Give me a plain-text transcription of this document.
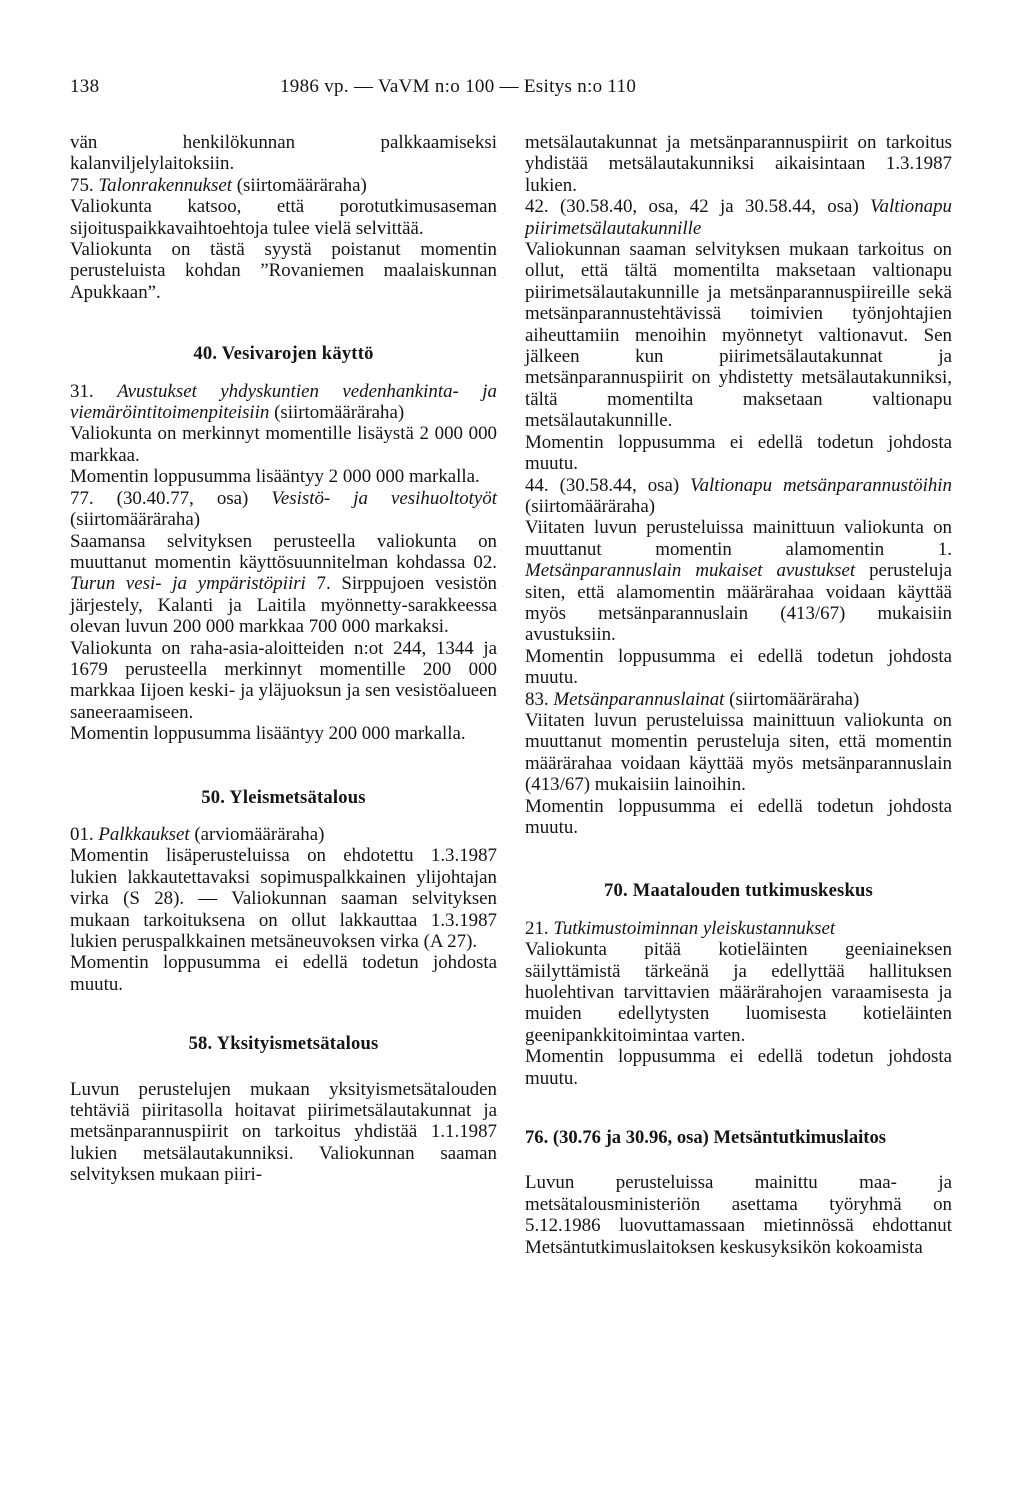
138	1986 vp. — VaVM n:o 100 — Esitys n:o 110

vän henkilökunnan palkkaamiseksi kalanviljelylaitoksiin.

75. Talonrakennukset (siirtomääräraha)

Valiokunta katsoo, että porotutkimusaseman sijoituspaikkavaihtoehtoja tulee vielä selvittää.

Valiokunta on tästä syystä poistanut momentin perusteluista kohdan ”Rovaniemen maalaiskunnan Apukkaan”.

40. Vesivarojen käyttö

31. Avustukset yhdyskuntien vedenhankinta- ja viemäröintitoimenpiteisiin (siirtomääräraha)

Valiokunta on merkinnyt momentille lisäystä 2 000 000 markkaa.

Momentin loppusumma lisääntyy 2 000 000 markalla.

77. (30.40.77, osa) Vesistö- ja vesihuoltotyöt (siirtomääräraha)

Saamansa selvityksen perusteella valiokunta on muuttanut momentin käyttösuunnitelman kohdassa 02. Turun vesi- ja ympäristöpiiri 7. Sirppujoen vesistön järjestely, Kalanti ja Laitila myönnetty-sarakkeessa olevan luvun 200 000 markkaa 700 000 markaksi.

Valiokunta on raha-asia-aloitteiden n:ot 244, 1344 ja 1679 perusteella merkinnyt momentille 200 000 markkaa Iijoen keski- ja yläjuoksun ja sen vesistöalueen saneeraamiseen.

Momentin loppusumma lisääntyy 200 000 markalla.

50. Yleismetsätalous

01. Palkkaukset (arviomääräraha)

Momentin lisäperusteluissa on ehdotettu 1.3.1987 lukien lakkautettavaksi sopimuspalkkainen ylijohtajan virka (S 28). — Valiokunnan saaman selvityksen mukaan tarkoituksena on ollut lakkauttaa 1.3.1987 lukien peruspalkkainen metsäneuvoksen virka (A 27).

Momentin loppusumma ei edellä todetun johdosta muutu.

58. Yksityismetsätalous

Luvun perustelujen mukaan yksityismetsätalouden tehtäviä piiritasolla hoitavat piirimetsälautakunnat ja metsänparannuspiirit on tarkoitus yhdistää 1.1.1987 lukien metsälautakunniksi. Valiokunnan saaman selvityksen mukaan piiri-

metsälautakunnat ja metsänparannuspiirit on tarkoitus yhdistää metsälautakunniksi aikaisintaan 1.3.1987 lukien.

42. (30.58.40, osa, 42 ja 30.58.44, osa) Valtionapu piirimetsälautakunnille

Valiokunnan saaman selvityksen mukaan tarkoitus on ollut, että tältä momentilta maksetaan valtionapu piirimetsälautakunnille ja metsänparannuspiireille sekä metsänparannustehtävissä toimivien työnjohtajien aiheuttamiin menoihin myönnetyt valtionavut. Sen jälkeen kun piirimetsälautakunnat ja metsänparannuspiirit on yhdistetty metsälautakunniksi, tältä momentilta maksetaan valtionapu metsälautakunnille.

Momentin loppusumma ei edellä todetun johdosta muutu.

44. (30.58.44, osa) Valtionapu metsänparannustöihin (siirtomääräraha)

Viitaten luvun perusteluissa mainittuun valiokunta on muuttanut momentin alamomentin 1. Metsänparannuslain mukaiset avustukset perusteluja siten, että alamomentin määrärahaa voidaan käyttää myös metsänparannuslain (413/67) mukaisiin avustuksiin.

Momentin loppusumma ei edellä todetun johdosta muutu.

83. Metsänparannuslainat (siirtomääräraha)

Viitaten luvun perusteluissa mainittuun valiokunta on muuttanut momentin perusteluja siten, että momentin määrärahaa voidaan käyttää myös metsänparannuslain (413/67) mukaisiin lainoihin.

Momentin loppusumma ei edellä todetun johdosta muutu.

70. Maatalouden tutkimuskeskus

21. Tutkimustoiminnan yleiskustannukset

Valiokunta pitää kotieläinten geeniaineksen säilyttämistä tärkeänä ja edellyttää hallituksen huolehtivan tarvittavien määrärahojen varaamisesta ja muiden edellytysten luomisesta kotieläinten geenipankkitoimintaa varten.

Momentin loppusumma ei edellä todetun johdosta muutu.

76. (30.76 ja 30.96, osa) Metsäntutkimuslaitos

Luvun perusteluissa mainittu maa- ja metsätalousministeriön asettama työryhmä on 5.12.1986 luovuttamassaan mietinnössä ehdottanut Metsäntutkimuslaitoksen keskusyksikön kokoamista
